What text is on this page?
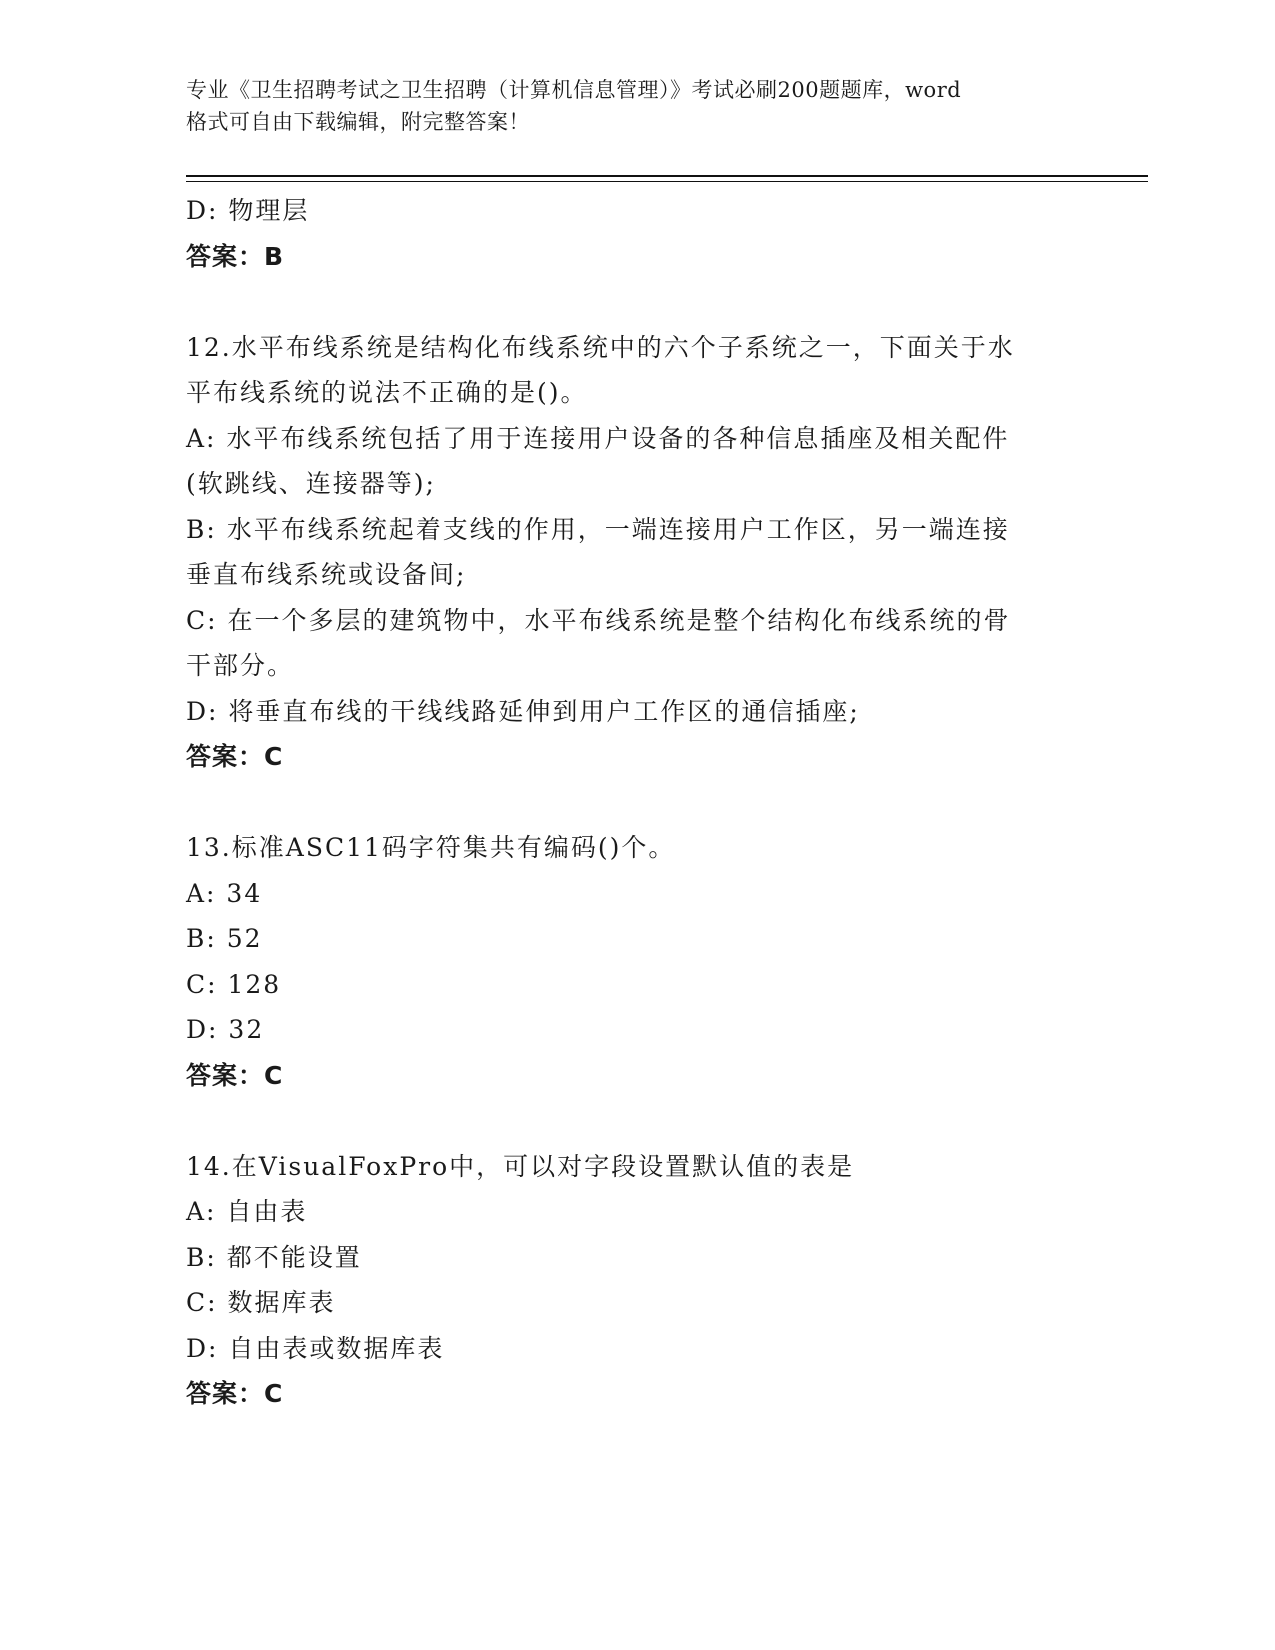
专业《卫生招聘考试之卫生招聘（计算机信息管理）》考试必刷200题题库，word
格式可自由下载编辑，附完整答案！
D: 物理层
答案：B
12.水平布线系统是结构化布线系统中的六个子系统之一，下面关于水
平布线系统的说法不正确的是()。
A: 水平布线系统包括了用于连接用户设备的各种信息插座及相关配件
(软跳线、连接器等);
B: 水平布线系统起着支线的作用，一端连接用户工作区，另一端连接
垂直布线系统或设备间;
C: 在一个多层的建筑物中，水平布线系统是整个结构化布线系统的骨
干部分。
D: 将垂直布线的干线线路延伸到用户工作区的通信插座;
答案：C
13.标准ASC11码字符集共有编码()个。
A: 34
B: 52
C: 128
D: 32
答案：C
14.在VisualFoxPro中，可以对字段设置默认值的表是
A: 自由表
B: 都不能设置
C: 数据库表
D: 自由表或数据库表
答案：C
